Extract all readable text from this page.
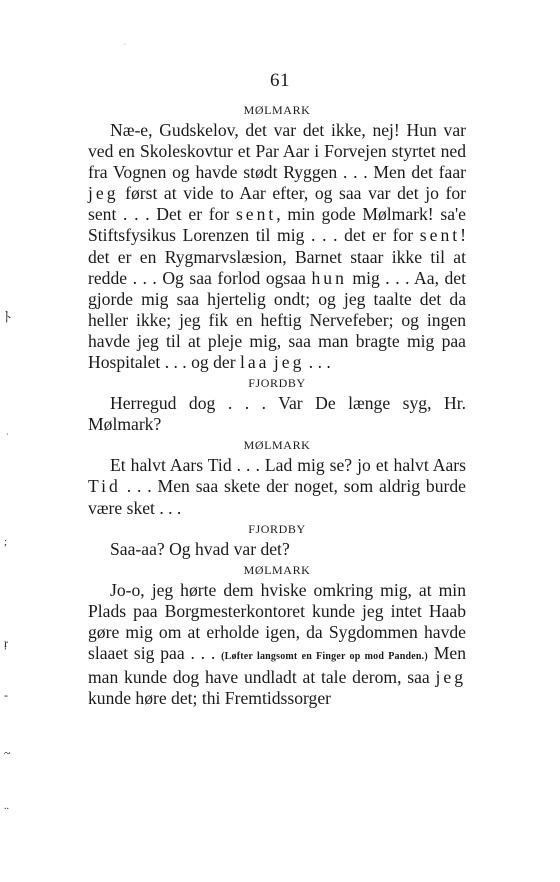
61
MØLMARK

Næ-e, Gudskelov, det var det ikke, nej! Hun var ved en Skoleskovtur et Par Aar i Forvejen styrtet ned fra Vognen og havde stødt Ryggen . . . Men det faar jeg først at vide to Aar efter, og saa var det jo for sent . . . Det er for sent, min gode Mølmark! sa'e Stiftsfysikus Lorenzen til mig . . . det er for sent! det er en Rygmarvslæsion, Barnet staar ikke til at redde . . . Og saa forlod ogsaa hun mig . . . Aa, det gjorde mig saa hjertelig ondt; og jeg taalte det da heller ikke; jeg fik en heftig Nervefeber; og ingen havde jeg til at pleje mig, saa man bragte mig paa Hospitalet . . . og der laa jeg . . .

FJORDBY

Herregud dog . . . Var De længe syg, Hr. Mølmark?

MØLMARK

Et halvt Aars Tid . . . Lad mig se? jo et halvt Aars Tid . . . Men saa skete der noget, som aldrig burde være sket . . .

FJORDBY

Saa-aa? Og hvad var det?

MØLMARK

Jo-o, jeg hørte dem hviske omkring mig, at min Plads paa Borgmesterkontoret kunde jeg intet Haab gøre mig om at erholde igen, da Sygdommen havde slaaet sig paa . . . (Løfter langsomt en Finger op mod Panden.) Men man kunde dog have undladt at tale derom, saa jeg kunde høre det; thi Fremtidssorger

·
ﾄ
·
;
ŗ
-
~
..
